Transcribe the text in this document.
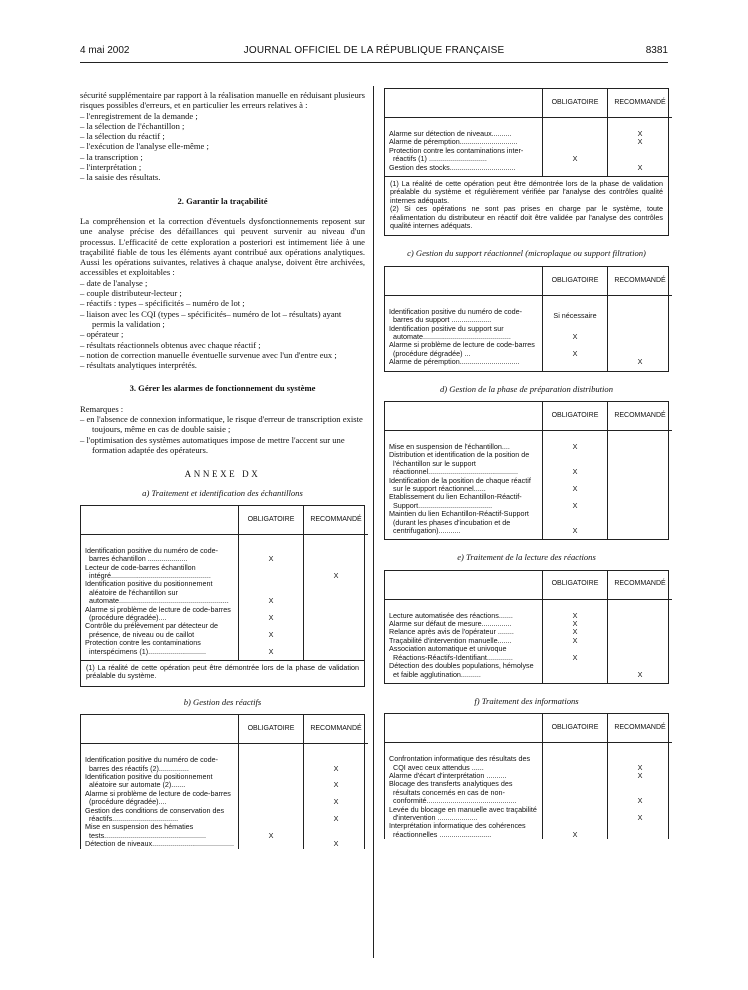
4 mai 2002	JOURNAL OFFICIEL DE LA RÉPUBLIQUE FRANÇAISE	8381

sécurité supplémentaire par rapport à la réalisation manuelle en réduisant plusieurs risques possibles d'erreurs, et en particulier les erreurs relatives à :

– l'enregistrement de la demande ;
– la sélection de l'échantillon ;
– la sélection du réactif ;
– l'exécution de l'analyse elle-même ;
– la transcription ;
– l'interprétation ;
– la saisie des résultats.
2. Garantir la traçabilité

La compréhension et la correction d'éventuels dysfonctionnements reposent sur une analyse précise des défaillances qui peuvent survenir au niveau d'un processus. L'efficacité de cette exploration a posteriori est intimement liée à une traçabilité fiable de tous les éléments ayant contribué aux opérations analytiques. Aussi les opérations suivantes, relatives à chaque analyse, doivent être archivées, accessibles et exploitables :

– date de l'analyse ;
– couple distributeur-lecteur ;
– réactifs : types – spécificités – numéro de lot ;
– liaison avec les CQI (types – spécificités– numéro de lot – résultats) ayant permis la validation ;
– opérateur ;
– résultats réactionnels obtenus avec chaque réactif ;
– notion de correction manuelle éventuelle survenue avec l'un d'entre eux ;
– résultats analytiques interprétés.
3. Gérer les alarmes de fonctionnement du système

Remarques :

– en l'absence de connexion informatique, le risque d'erreur de transcription existe toujours, même en cas de double saisie ;
– l'optimisation des systèmes automatiques impose de mettre l'accent sur une formation adaptée des opérateurs.
ANNEXE DX
a) Traitement et identification des échantillons
	OBLIGATOIRE	RECOMMANDÉ

Identification positive du numéro de code-barres échantillon ....................	X	
Lecteur de code-barres échantillon intégré..................................................		X
Identification positive du positionnement aléatoire de l'échantillon sur automate.......................................................	X	
Alarme si problème de lecture de code-barres (procédure dégradée)....	X	
Contrôle du prélèvement par détecteur de présence, de niveau ou de caillot	X	
Protection contre les contaminations interspécimens (1).............................	X	
(1) La réalité de cette opération peut être démontrée lors de la phase de validation préalable du système.
b) Gestion des réactifs
	OBLIGATOIRE	RECOMMANDÉ

Identification positive du numéro de code-barres des réactifs (2)...............		X
Identification positive du positionnement aléatoire sur automate (2).......		X
Alarme si problème de lecture de code-barres (procédure dégradée)....		X
Gestion des conditions de conservation des réactifs.................................		X
Mise en suspension des hématies tests...................................................	X	
Détection de niveaux.........................................		X
	OBLIGATOIRE	RECOMMANDÉ

Alarme sur détection de niveaux..........		X
Alarme de péremption.............................		X
Protection contre les contaminations inter-réactifs (1) .............................	X	
Gestion des stocks.................................		X
(1) La réalité de cette opération peut être démontrée lors de la phase de validation préalable du système et régulièrement vérifiée par l'analyse des contrôles qualité internes adéquats.
(2) Si ces opérations ne sont pas prises en charge par le système, toute réalimentation du distributeur en réactif doit être validée par l'analyse des contrôles qualité internes adéquats.
c) Gestion du support réactionnel (microplaque ou support filtration)
	OBLIGATOIRE	RECOMMANDÉ

Identification positive du numéro de code-barres du support ....................	Si nécessaire	
Identification positive du support sur automate............................................	X	
Alarme si problème de lecture de code-barres (procédure dégradée) ...	X	
Alarme de péremption..............................		X
d) Gestion de la phase de préparation distribution
	OBLIGATOIRE	RECOMMANDÉ

Mise en suspension de l'échantillon....	X	
Distribution et identification de la position de l'échantillon sur le support réactionnel.............................................	X	
Identification de la position de chaque réactif sur le support réactionnel......	X	
Etablissement du lien Echantillon-Réactif-Support.....................................	X	
Maintien du lien Echantillon-Réactif-Support (durant les phases d'incubation et de centrifugation)...........	X	
e) Traitement de la lecture des réactions
	OBLIGATOIRE	RECOMMANDÉ

Lecture automatisée des réactions.......	X	
Alarme sur défaut de mesure...............	X	
Relance après avis de l'opérateur ........	X	
Traçabilité d'intervention manuelle.......	X	
Association automatique et univoque Réactions-Réactifs-Identifiant.............	X	
Détection des doubles populations, hémolyse et faible agglutination..........		X
f) Traitement des informations
	OBLIGATOIRE	RECOMMANDÉ

Confrontation informatique des résultats des CQI avec ceux attendus ......		X
Alarme d'écart d'interprétation ..........		X
Blocage des transferts analytiques des résultats concernés en cas de non-conformité.............................................		X
Levée du blocage en manuelle avec traçabilité d'intervention ....................		X
Interprétation informatique des cohérences réactionnelles ..........................	X	
